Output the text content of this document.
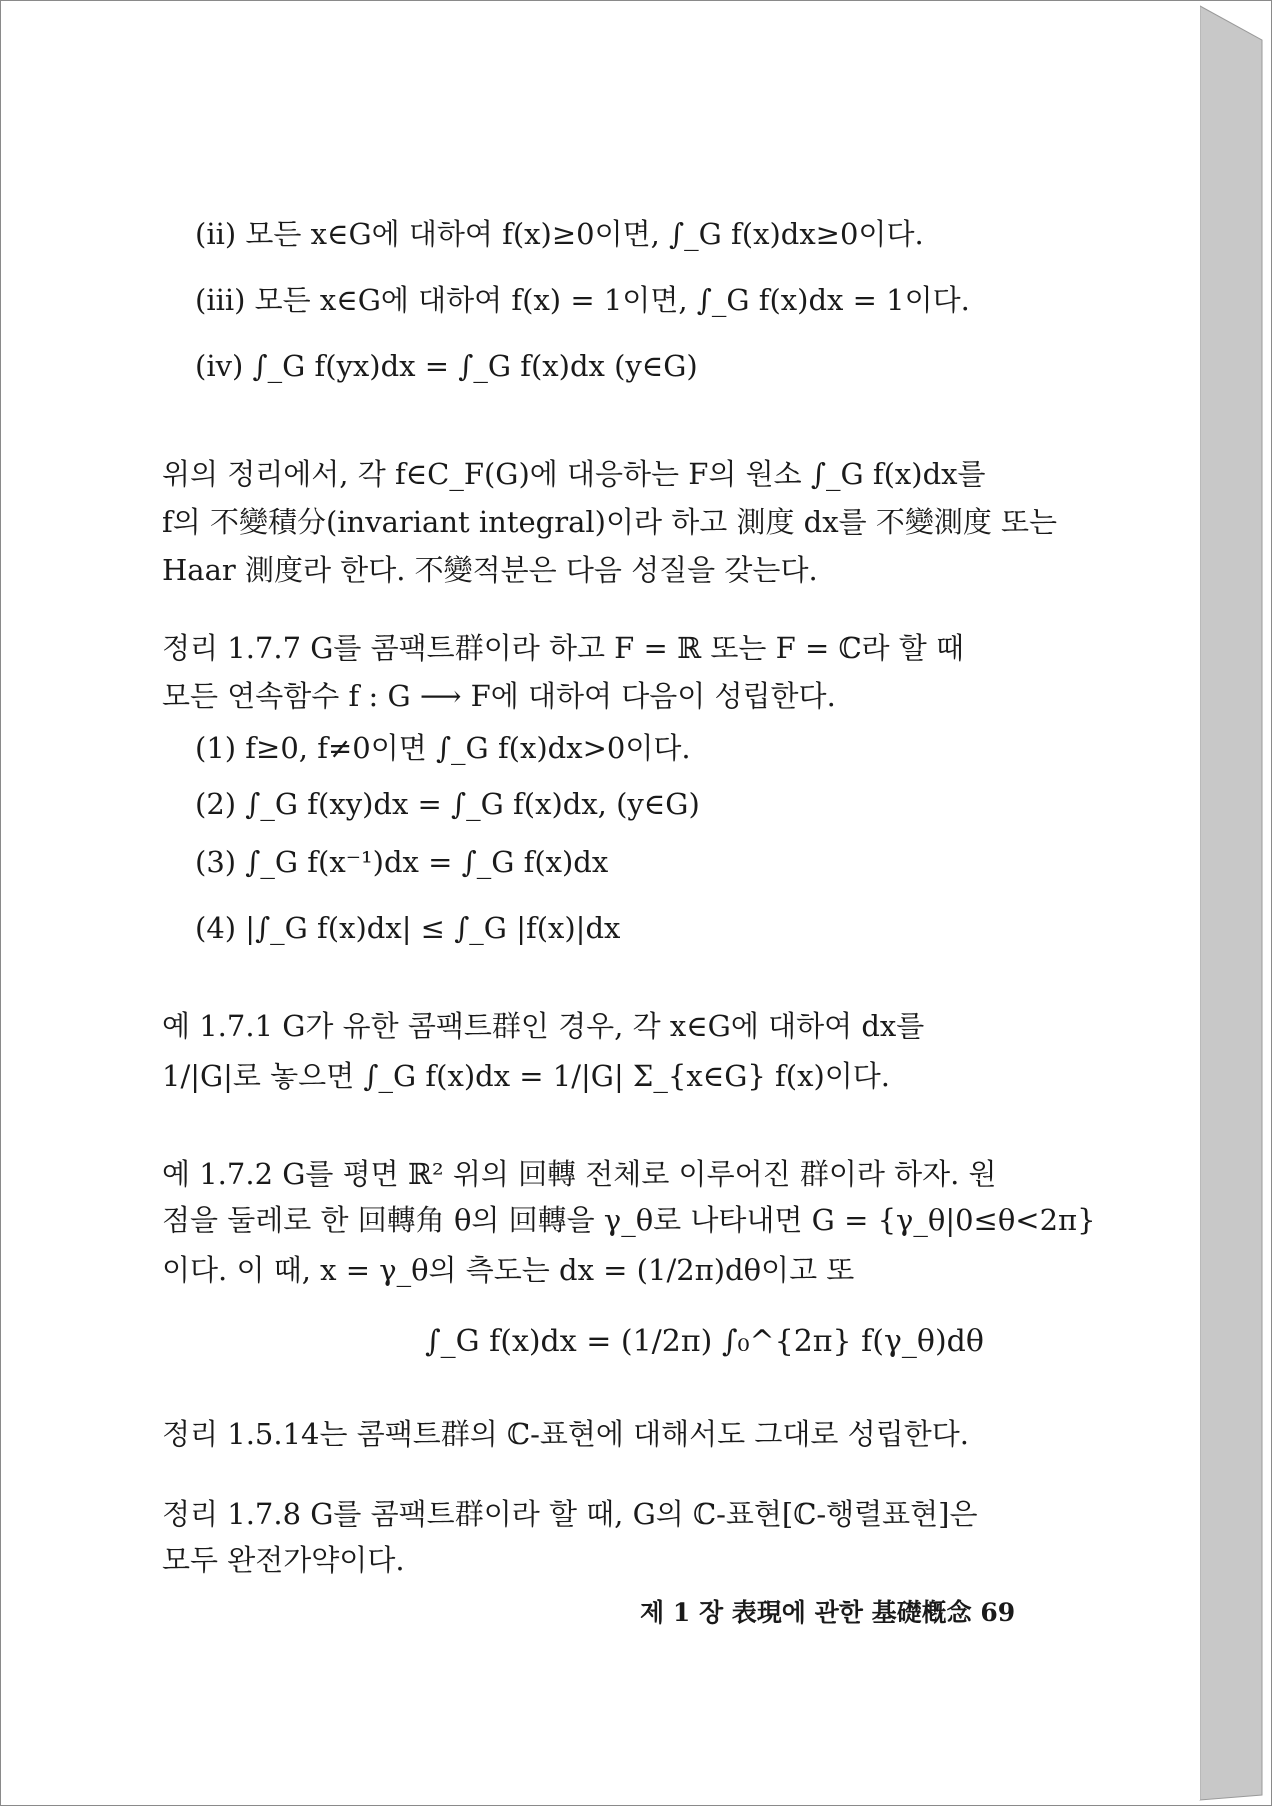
(ii) 모든 x∈G에 대하여 f(x)≥0이면, ∫_G f(x)dx≥0이다.
(iii) 모든 x∈G에 대하여 f(x) = 1이면, ∫_G f(x)dx = 1이다.
(iv) ∫_G f(yx)dx = ∫_G f(x)dx (y∈G)
위의 정리에서, 각 f∈C_F(G)에 대응하는 F의 원소 ∫_G f(x)dx를
f의 不變積分(invariant integral)이라 하고 測度 dx를 不變測度 또는
Haar 測度라 한다. 不變적분은 다음 성질을 갖는다.
정리 1.7.7 G를 콤팩트群이라 하고 F = ℝ 또는 F = ℂ라 할 때
모든 연속함수 f : G ⟶ F에 대하여 다음이 성립한다.
(1) f≥0, f≠0이면 ∫_G f(x)dx>0이다.
(2) ∫_G f(xy)dx = ∫_G f(x)dx, (y∈G)
(3) ∫_G f(x⁻¹)dx = ∫_G f(x)dx
(4) |∫_G f(x)dx| ≤ ∫_G |f(x)|dx
예 1.7.1 G가 유한 콤팩트群인 경우, 각 x∈G에 대하여 dx를
1/|G|로 놓으면 ∫_G f(x)dx = 1/|G| Σ_{x∈G} f(x)이다.
예 1.7.2 G를 평면 ℝ² 위의 回轉 전체로 이루어진 群이라 하자. 원
점을 둘레로 한 回轉角 θ의 回轉을 γ_θ로 나타내면 G = {γ_θ|0≤θ<2π}
이다. 이 때, x = γ_θ의 측도는 dx = (1/2π)dθ이고 또
∫_G f(x)dx = (1/2π) ∫₀^{2π} f(γ_θ)dθ
정리 1.5.14는 콤팩트群의 ℂ-표현에 대해서도 그대로 성립한다.
정리 1.7.8 G를 콤팩트群이라 할 때, G의 ℂ-표현[ℂ-행렬표현]은
모두 완전가약이다.
제 1 장 表現에 관한 基礎槪念 69
